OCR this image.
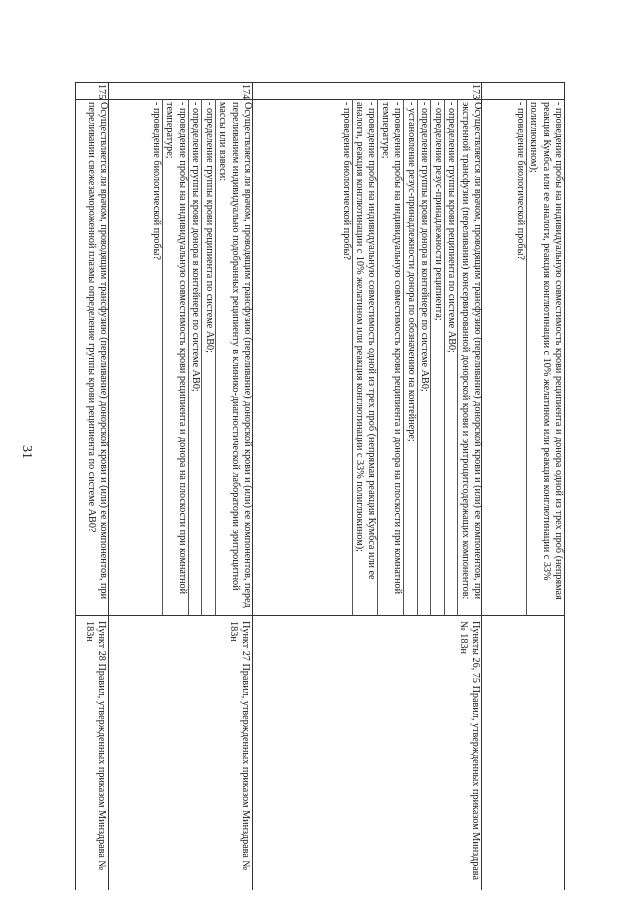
31	- проведение пробы на индивидуальную совместимость крови реципиента и донора одной из трех проб (непрямая реакция Кумбса или ее аналоги, реакция конглютинации с 10% желатином или реакция конглютинации с 33% полиглюкином);
- проведение биологической пробы?
173
Осуществляется ли врачом, проводящим трансфузию (переливание) донорской крови и (или) ее компонентов, при экстренной трансфузии (переливании) консервированной донорской крови и эритроцитсодержащих компонентов:
- определение группы крови реципиента по системе АВ0;
- определение резус-принадлежности реципиента;
- определение группы крови донора в контейнере по системе АВ0;
- установление резус-принадлежности донора по обозначению на контейнере;
- проведение пробы на индивидуальную совместимость крови реципиента и донора на плоскости при комнатной температуре;
- проведение пробы на индивидуальную совместимость одной из трех проб (непрямая реакция Кумбса или ее аналоги, реакция конглютинации с 10% желатином или реакция конглютинации с 33% полиглюкином);
- проведение биологической пробы?
Пункты 26, 75 Правил, утвержденных приказом Минздрава № 183н
174
Осуществляется ли врачом, проводящим трансфузию (переливание) донорской крови и (или) ее компонентов, перед переливанием индивидуально подобранных реципиенту в клинико-диагностической лаборатории эритроцитной массы или взвеси:
- определение группы крови реципиента по системе АВ0;
- определение группы крови донора в контейнере по системе АВ0;
- проведение пробы на индивидуальную совместимость крови реципиента и донора на плоскости при комнатной температуре;
- проведение биологической пробы?
Пункт 27 Правил, утвержденных приказом Минздрава № 183н
175
Осуществляется ли врачом, проводящим трансфузию (переливание) донорской крови и (или) ее компонентов, при переливании свежезамороженной плазмы определение группы крови реципиента по системе АВ0?
Пункт 28 Правил, утвержденных приказом Минздрава № 183н
